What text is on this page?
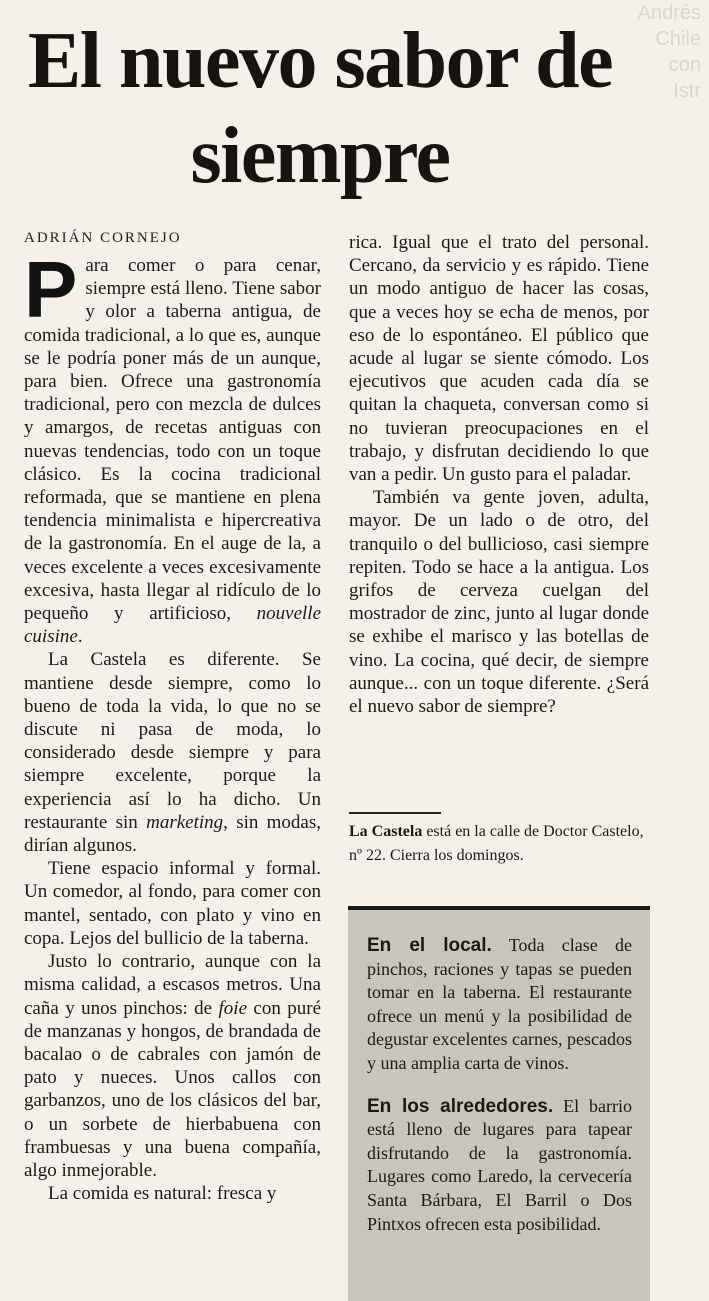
Andrés
Chile
con
Istr
El nuevo sabor de siempre
ADRIÁN CORNEJO

Para comer o para cenar, siempre está lleno. Tiene sabor y olor a taberna antigua, de comida tradicional, a lo que es, aunque se le podría poner más de un aunque, para bien. Ofrece una gastronomía tradicional, pero con mezcla de dulces y amargos, de recetas antiguas con nuevas tendencias, todo con un toque clásico. Es la cocina tradicional reformada, que se mantiene en plena tendencia minimalista e hipercreativa de la gastronomía. En el auge de la, a veces excelente a veces excesivamente excesiva, hasta llegar al ridículo de lo pequeño y artificioso, nouvelle cuisine.

La Castela es diferente. Se mantiene desde siempre, como lo bueno de toda la vida, lo que no se discute ni pasa de moda, lo considerado desde siempre y para siempre excelente, porque la experiencia así lo ha dicho. Un restaurante sin marketing, sin modas, dirían algunos.

Tiene espacio informal y formal. Un comedor, al fondo, para comer con mantel, sentado, con plato y vino en copa. Lejos del bullicio de la taberna.

Justo lo contrario, aunque con la misma calidad, a escasos metros. Una caña y unos pinchos: de foie con puré de manzanas y hongos, de brandada de bacalao o de cabrales con jamón de pato y nueces. Unos callos con garbanzos, uno de los clásicos del bar, o un sorbete de hierbabuena con frambuesas y una buena compañía, algo inmejorable.

La comida es natural: fresca y

rica. Igual que el trato del personal. Cercano, da servicio y es rápido. Tiene un modo antiguo de hacer las cosas, que a veces hoy se echa de menos, por eso de lo espontáneo. El público que acude al lugar se siente cómodo. Los ejecutivos que acuden cada día se quitan la chaqueta, conversan como si no tuvieran preocupaciones en el trabajo, y disfrutan decidiendo lo que van a pedir. Un gusto para el paladar.

También va gente joven, adulta, mayor. De un lado o de otro, del tranquilo o del bullicioso, casi siempre repiten. Todo se hace a la antigua. Los grifos de cerveza cuelgan del mostrador de zinc, junto al lugar donde se exhibe el marisco y las botellas de vino. La cocina, qué decir, de siempre aunque... con un toque diferente. ¿Será el nuevo sabor de siempre?

La Castela está en la calle de Doctor Castelo, nº 22. Cierra los domingos.

En el local. Toda clase de pinchos, raciones y tapas se pueden tomar en la taberna. El restaurante ofrece un menú y la posibilidad de degustar excelentes carnes, pescados y una amplia carta de vinos.

En los alrededores. El barrio está lleno de lugares para tapear disfrutando de la gastronomía. Lugares como Laredo, la cervecería Santa Bárbara, El Barril o Dos Pintxos ofrecen esta posibilidad.
